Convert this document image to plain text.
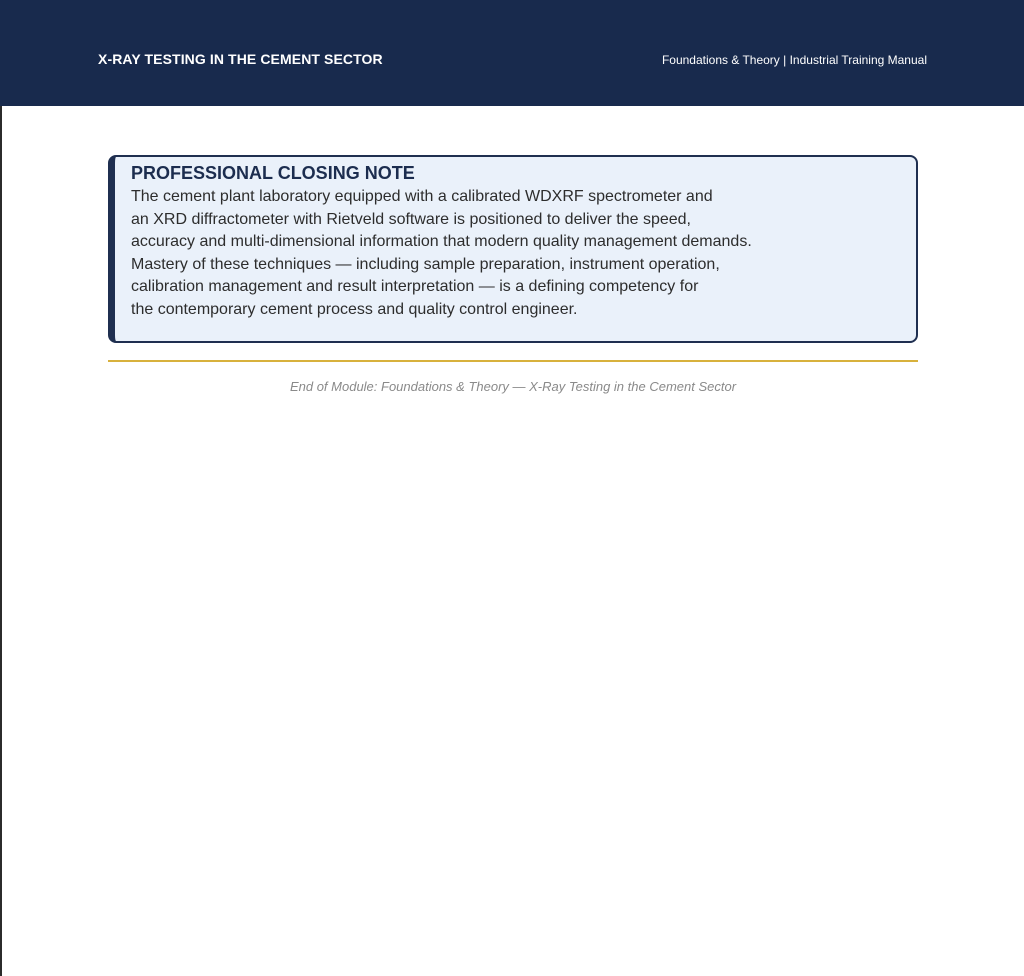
X-RAY TESTING IN THE CEMENT SECTOR	Foundations & Theory | Industrial Training Manual
PROFESSIONAL CLOSING NOTE

The cement plant laboratory equipped with a calibrated WDXRF spectrometer and
an XRD diffractometer with Rietveld software is positioned to deliver the speed,
accuracy and multi-dimensional information that modern quality management demands.
Mastery of these techniques — including sample preparation, instrument operation,
calibration management and result interpretation — is a defining competency for
the contemporary cement process and quality control engineer.

End of Module: Foundations & Theory — X-Ray Testing in the Cement Sector
